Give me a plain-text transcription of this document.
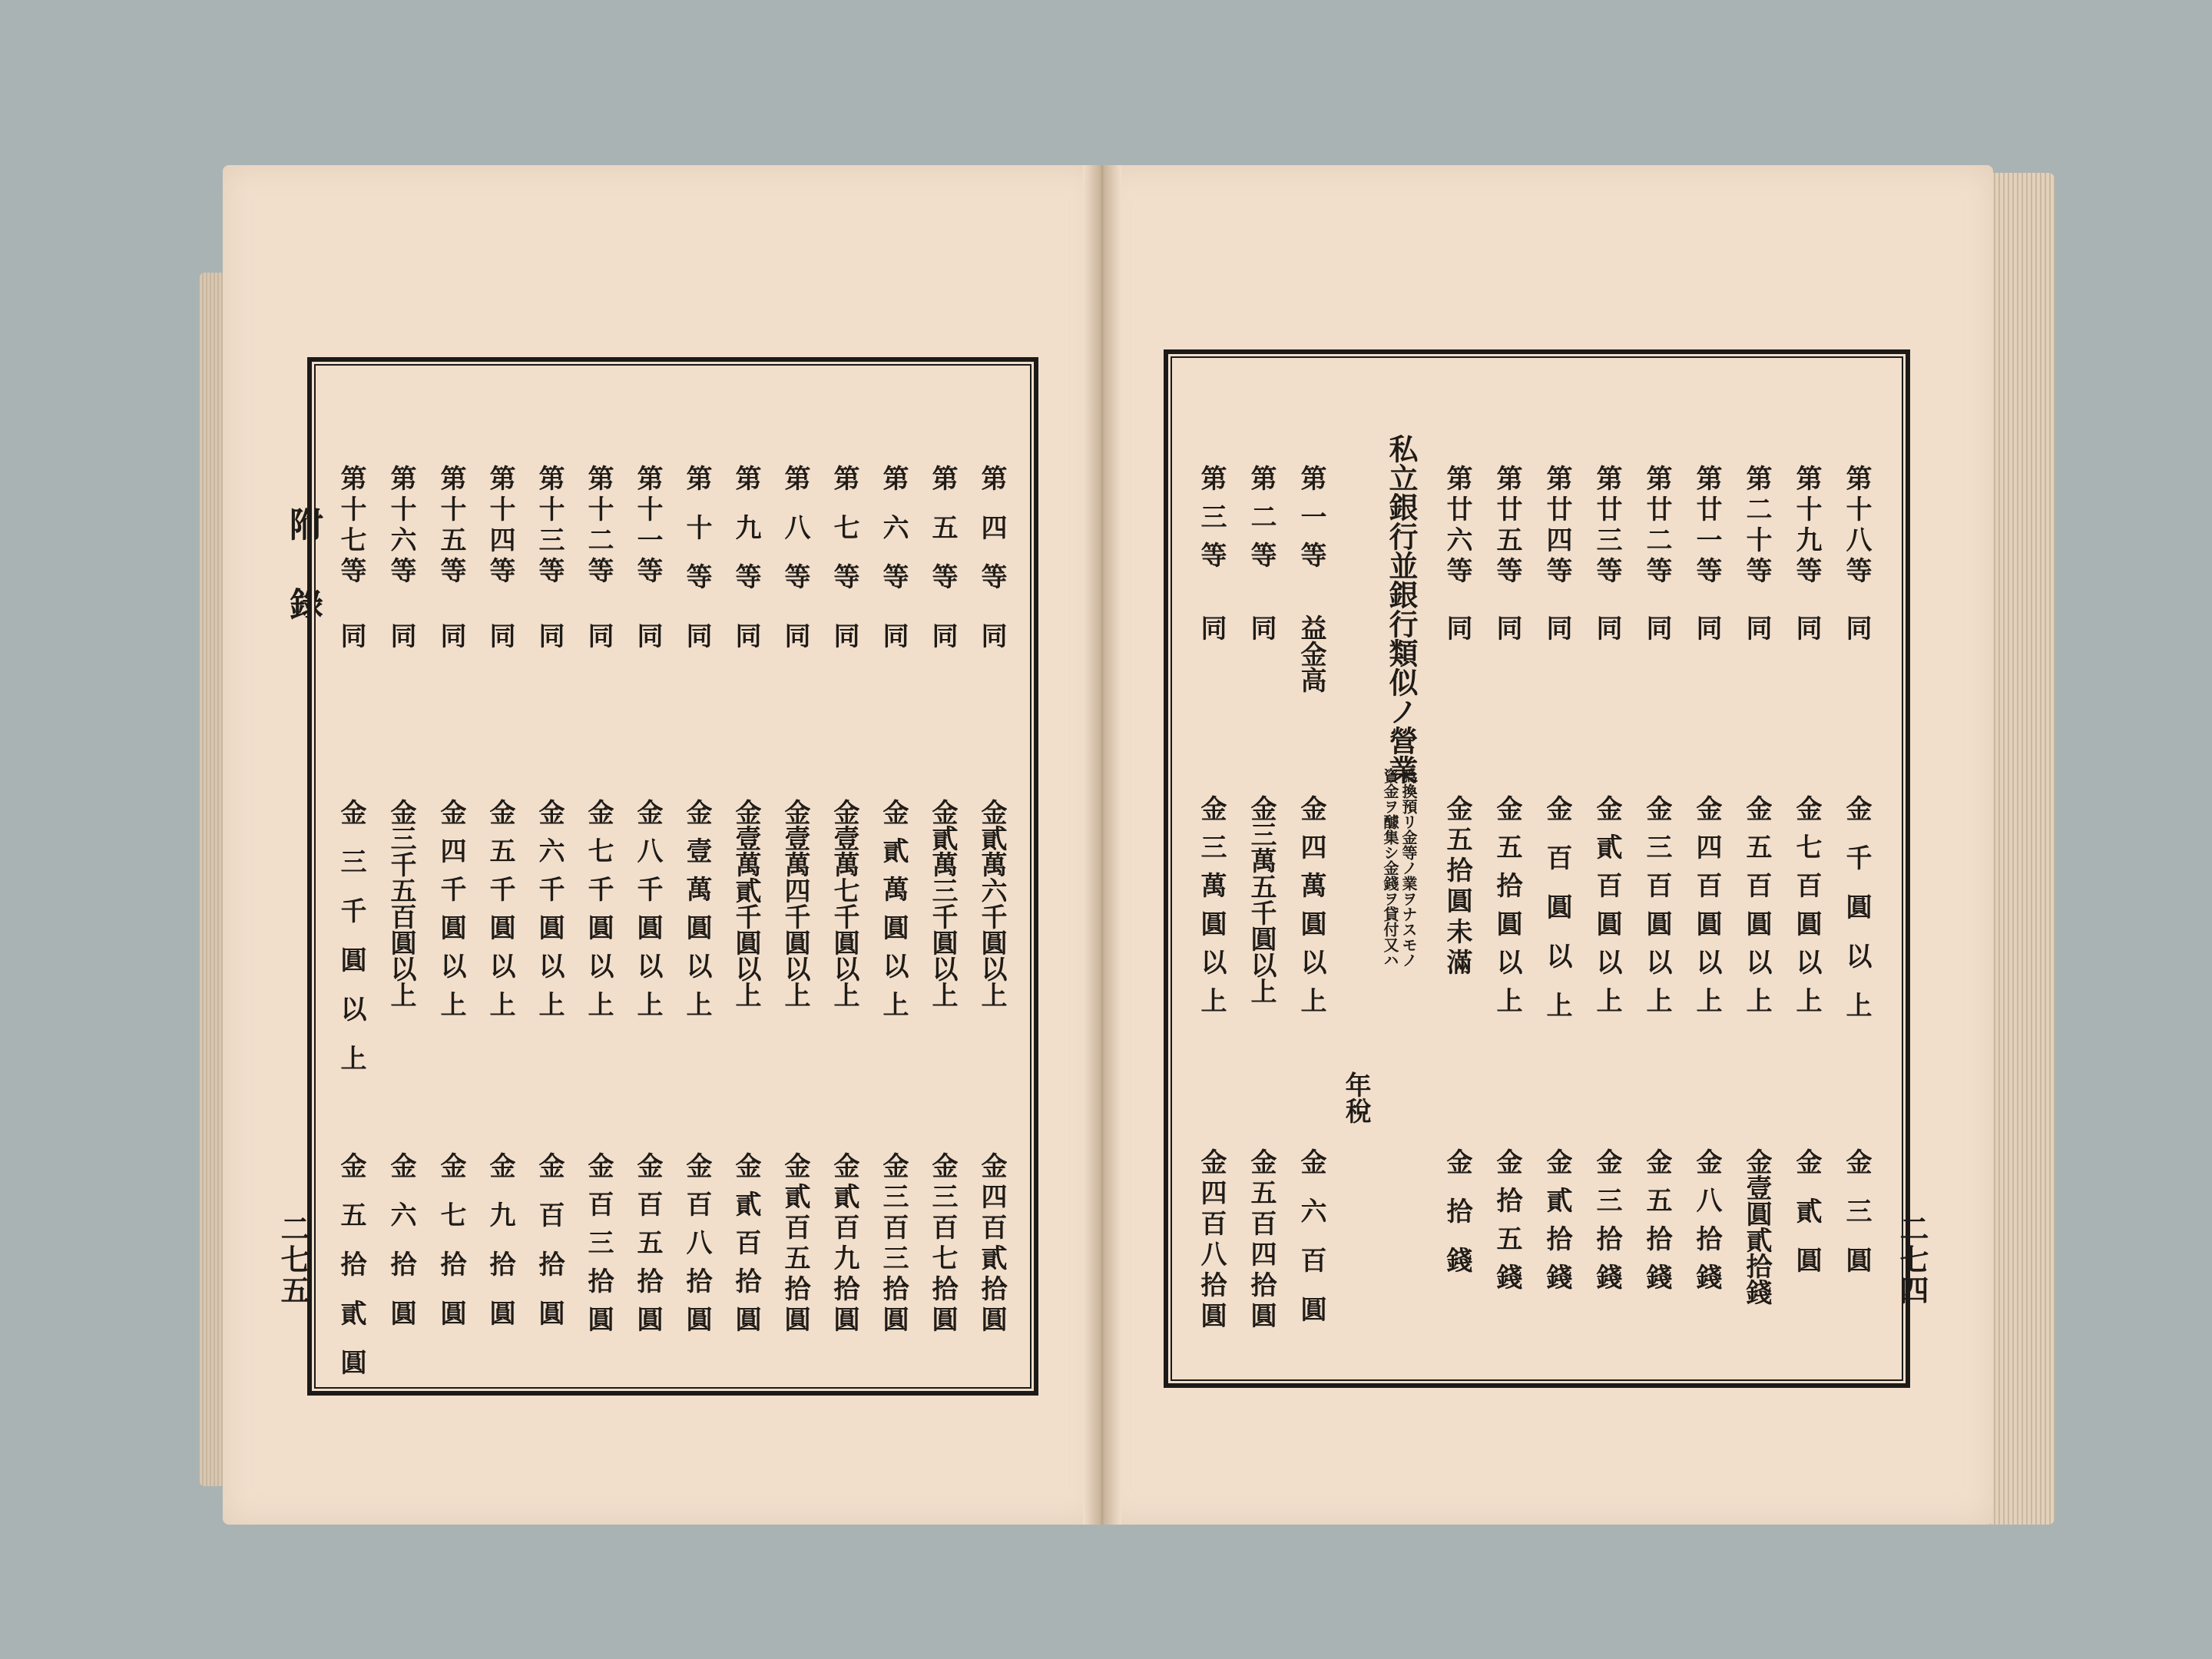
附錄
二七五
第十七等 第十六等 第十五等 第十四等 第十三等 第十二等 第十一等 第十等 第九等 第八等 第七等 第六等 第五等 第四等
同 同 同 同 同 同 同 同 同 同 同 同 同 同
金三千圓以上 金三千五百圓以上 金四千圓以上 金五千圓以上 金六千圓以上 金七千圓以上 金八千圓以上 金壹萬圓以上 金壹萬貳千圓以上 金壹萬四千圓以上 金壹萬七千圓以上 金貳萬圓以上 金貳萬三千圓以上 金貳萬六千圓以上
金五拾貳圓 金六拾圓 金七拾圓 金九拾圓 金百拾圓 金百三拾圓 金百五拾圓 金百八拾圓 金貳百拾圓 金貳百五拾圓 金貳百九拾圓 金三百三拾圓 金三百七拾圓 金四百貳拾圓	二七四
第十八等
第十九等
第二十等
第廿一等
第廿二等
第廿三等
第廿四等
第廿五等
第廿六等
同
同
同
同
同
同
同
同
同
金千圓以上
金七百圓以上
金五百圓以上
金四百圓以上
金三百圓以上
金貳百圓以上
金百圓以上
金五拾圓以上
金五拾圓未滿
金三圓
金貳圓
金壹圓貳拾錢
金八拾錢
金五拾錢
金三拾錢
金貳拾錢
金拾五錢
金拾錢
私立銀行並銀行類似ノ營業
資金ヲ醵集シ金錢ヲ貸付又ハ 爲換預リ金等ノ業ヲナスモノ
第一等
第二等
第三等
益金高
同
同
金四萬圓以上
金三萬五千圓以上
金三萬圓以上
年稅
金六百圓
金五百四拾圓
金四百八拾圓
